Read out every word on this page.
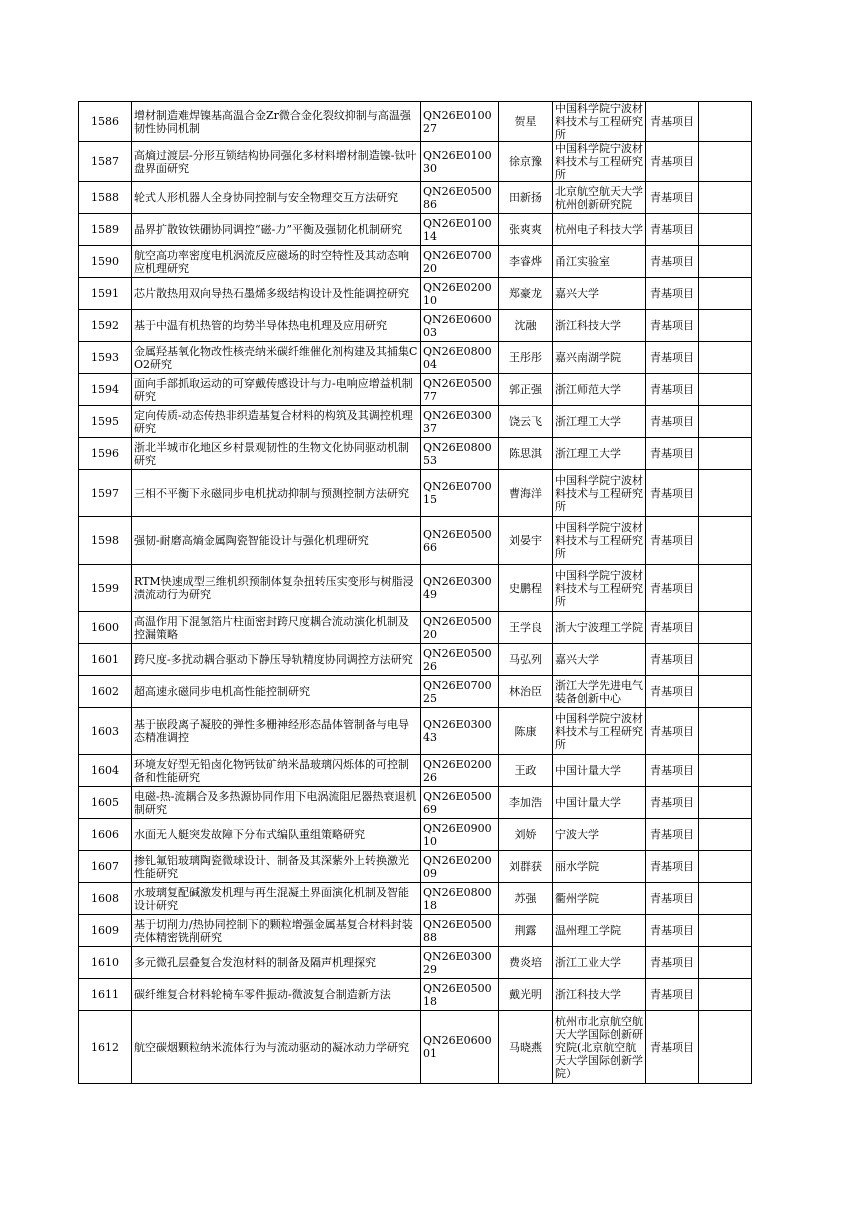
1586	增材制造难焊镍基高温合金Zr微合金化裂纹抑制与高温强韧性协同机制	QN26E010027	贺星	中国科学院宁波材料技术与工程研究所	青基项目	
1587	高熵过渡层-分形互锁结构协同强化多材料增材制造镍-钛叶盘界面研究	QN26E010030	徐京豫	中国科学院宁波材料技术与工程研究所	青基项目	
1588	轮式人形机器人全身协同控制与安全物理交互方法研究	QN26E050086	田新扬	北京航空航天大学杭州创新研究院	青基项目	
1589	晶界扩散钕铁硼协同调控“磁-力”平衡及强韧化机制研究	QN26E010014	张爽爽	杭州电子科技大学	青基项目	
1590	航空高功率密度电机涡流反应磁场的时空特性及其动态响应机理研究	QN26E070020	李睿烨	甬江实验室	青基项目	
1591	芯片散热用双向导热石墨烯多级结构设计及性能调控研究	QN26E020010	郑豪龙	嘉兴大学	青基项目	
1592	基于中温有机热管的均势半导体热电机理及应用研究	QN26E060003	沈融	浙江科技大学	青基项目	
1593	金属羟基氧化物改性核壳纳米碳纤维催化剂构建及其捕集CO2研究	QN26E080004	王彤彤	嘉兴南湖学院	青基项目	
1594	面向手部抓取运动的可穿戴传感设计与力-电响应增益机制研究	QN26E050077	郭正强	浙江师范大学	青基项目	
1595	定向传质-动态传热非织造基复合材料的构筑及其调控机理研究	QN26E030037	饶云飞	浙江理工大学	青基项目	
1596	浙北半城市化地区乡村景观韧性的生物文化协同驱动机制研究	QN26E080053	陈思淇	浙江理工大学	青基项目	
1597	三相不平衡下永磁同步电机扰动抑制与预测控制方法研究	QN26E070015	曹海洋	中国科学院宁波材料技术与工程研究所	青基项目	
1598	强韧-耐磨高熵金属陶瓷智能设计与强化机理研究	QN26E050066	刘晏宇	中国科学院宁波材料技术与工程研究所	青基项目	
1599	RTM快速成型三维机织预制体复杂扭转压实变形与树脂浸渍流动行为研究	QN26E030049	史鹏程	中国科学院宁波材料技术与工程研究所	青基项目	
1600	高温作用下混氢箔片柱面密封跨尺度耦合流动演化机制及控漏策略	QN26E050020	王学良	浙大宁波理工学院	青基项目	
1601	跨尺度-多扰动耦合驱动下静压导轨精度协同调控方法研究	QN26E050026	马弘列	嘉兴大学	青基项目	
1602	超高速永磁同步电机高性能控制研究	QN26E070025	林治臣	浙江大学先进电气装备创新中心	青基项目	
1603	基于嵌段离子凝胶的弹性多栅神经形态晶体管制备与电导态精准调控	QN26E030043	陈康	中国科学院宁波材料技术与工程研究所	青基项目	
1604	环境友好型无铅卤化物钙钛矿纳米晶玻璃闪烁体的可控制备和性能研究	QN26E020026	王政	中国计量大学	青基项目	
1605	电磁-热-流耦合及多热源协同作用下电涡流阻尼器热衰退机制研究	QN26E050069	李加浩	中国计量大学	青基项目	
1606	水面无人艇突发故障下分布式编队重组策略研究	QN26E090010	刘娇	宁波大学	青基项目	
1607	掺钆氟铝玻璃陶瓷微球设计、制备及其深紫外上转换激光性能研究	QN26E020009	刘群获	丽水学院	青基项目	
1608	水玻璃复配碱激发机理与再生混凝土界面演化机制及智能设计研究	QN26E080018	苏强	衢州学院	青基项目	
1609	基于切削力/热协同控制下的颗粒增强金属基复合材料封装壳体精密铣削研究	QN26E050088	荆露	温州理工学院	青基项目	
1610	多元微孔层叠复合发泡材料的制备及隔声机理探究	QN26E030029	费炎培	浙江工业大学	青基项目	
1611	碳纤维复合材料轮椅车零件振动-微波复合制造新方法	QN26E050018	戴光明	浙江科技大学	青基项目	
1612	航空碳烟颗粒纳米流体行为与流动驱动的凝冰动力学研究	QN26E060001	马晓燕	杭州市北京航空航天大学国际创新研究院(北京航空航天大学国际创新学院）	青基项目	
